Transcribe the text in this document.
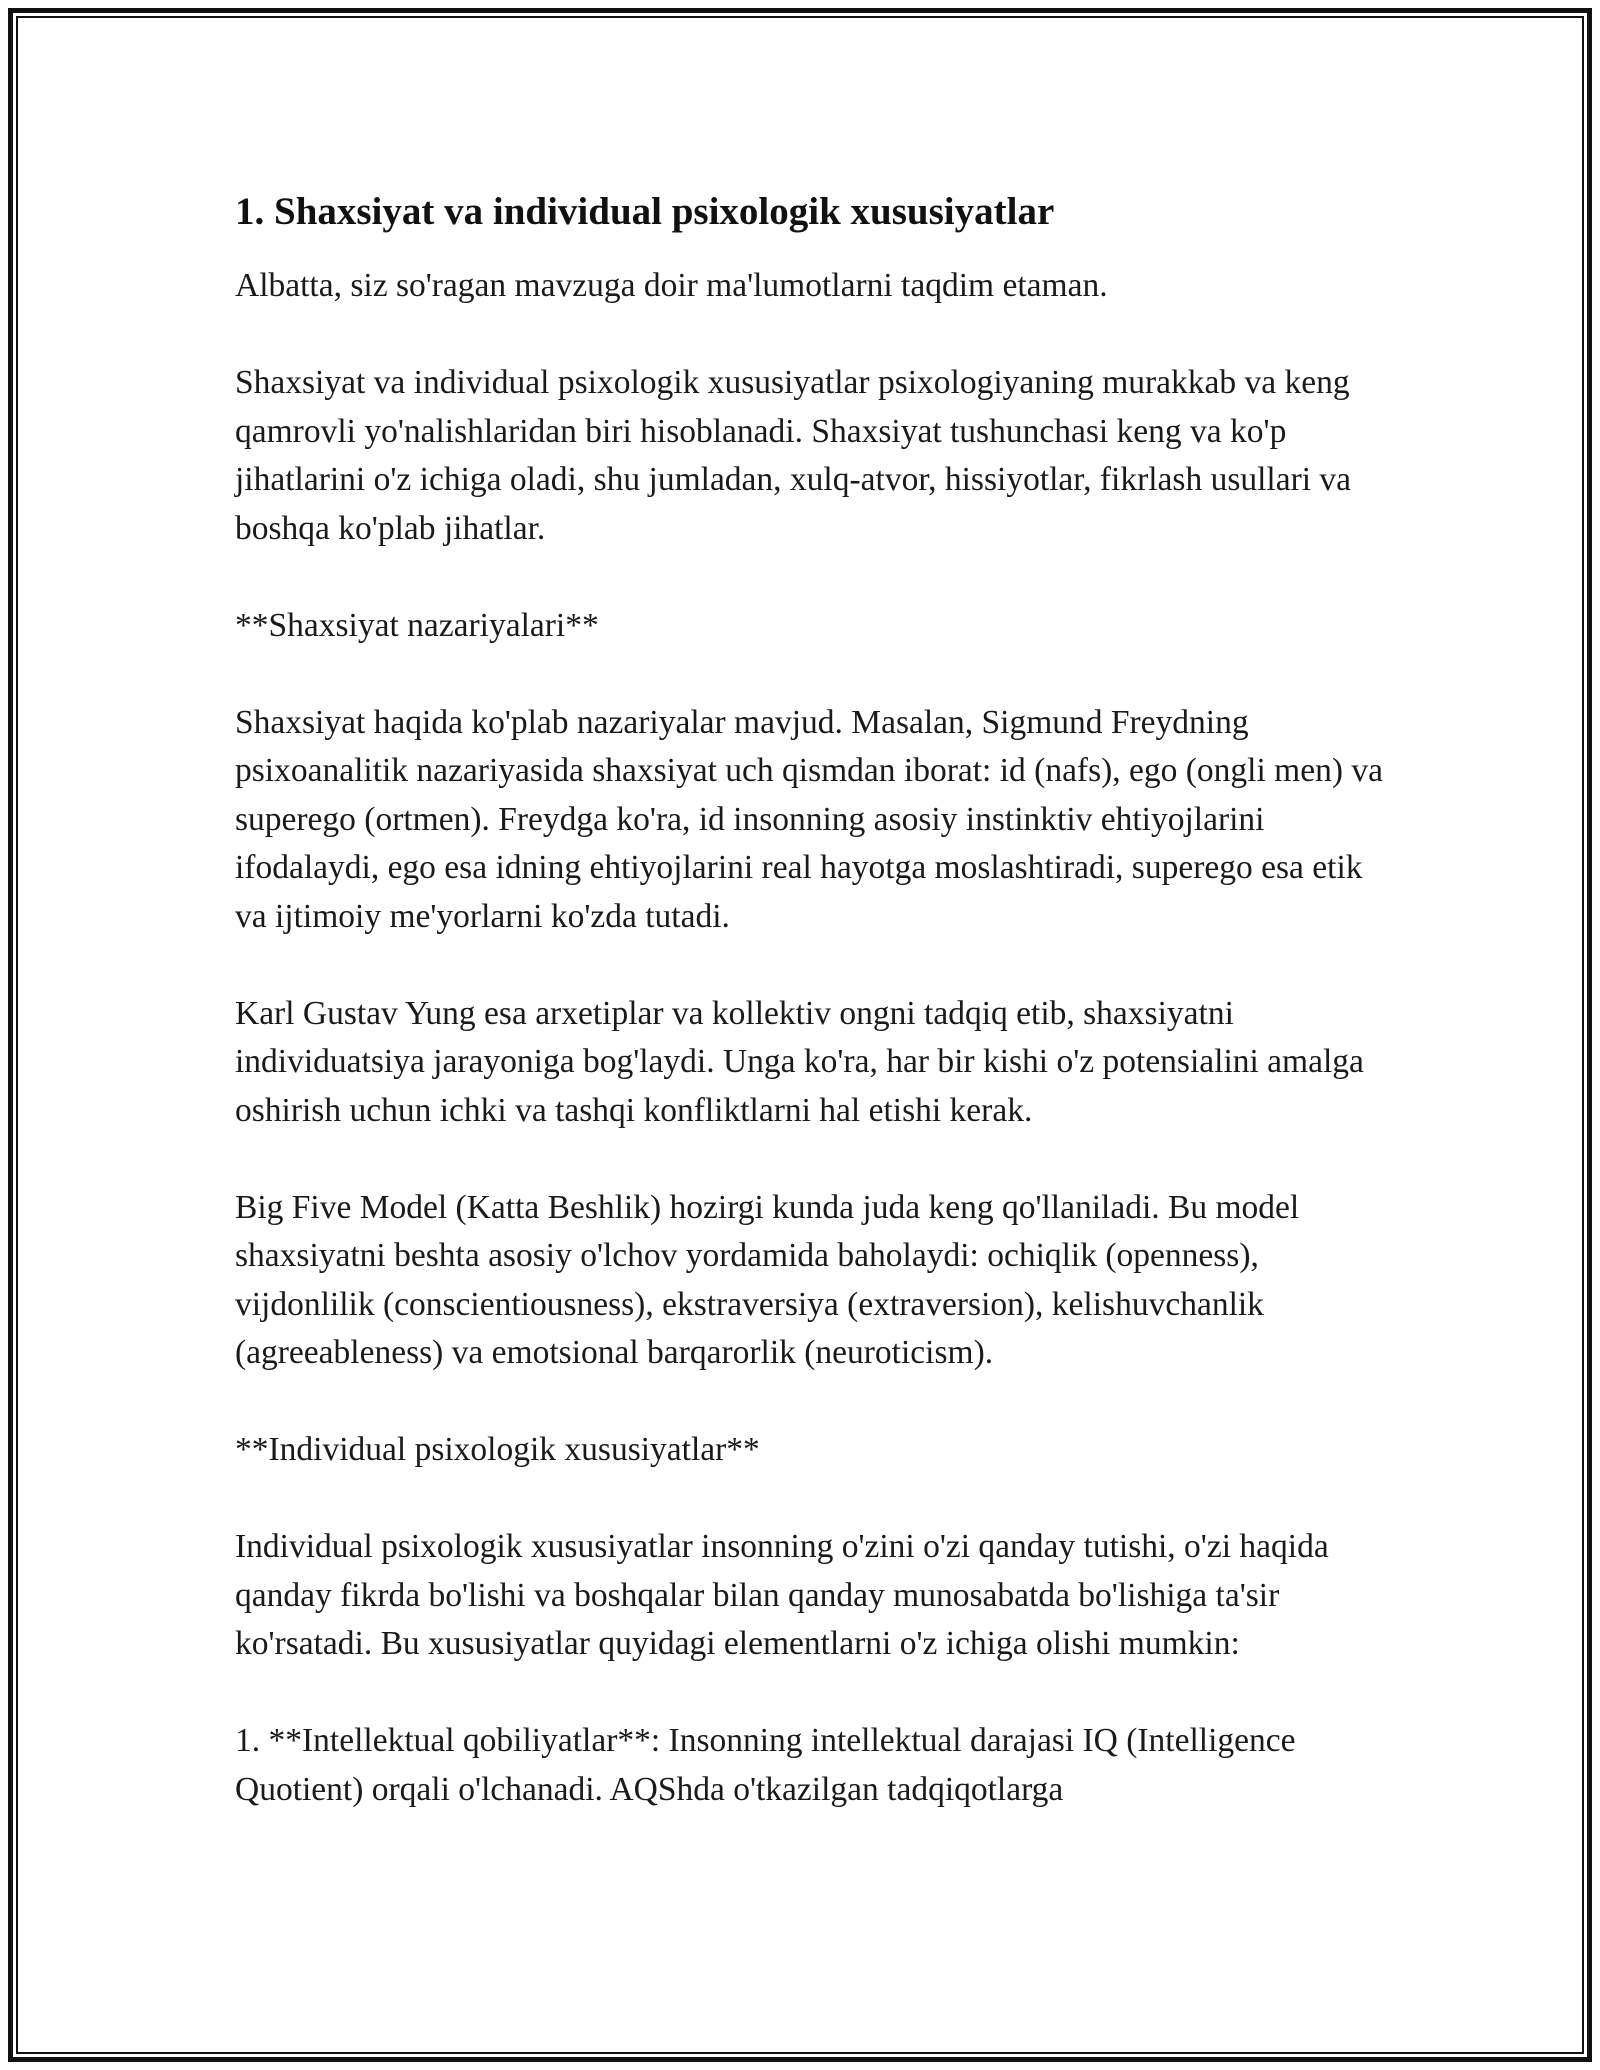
1. Shaxsiyat va individual psixologik xususiyatlar

Albatta, siz so'ragan mavzuga doir ma'lumotlarni taqdim etaman.

Shaxsiyat va individual psixologik xususiyatlar psixologiyaning murakkab va keng qamrovli yo'nalishlaridan biri hisoblanadi. Shaxsiyat tushunchasi keng va ko'p jihatlarini o'z ichiga oladi, shu jumladan, xulq-atvor, hissiyotlar, fikrlash usullari va boshqa ko'plab jihatlar.

**Shaxsiyat nazariyalari**

Shaxsiyat haqida ko'plab nazariyalar mavjud. Masalan, Sigmund Freydning psixoanalitik nazariyasida shaxsiyat uch qismdan iborat: id (nafs), ego (ongli men) va superego (ortmen). Freydga ko'ra, id insonning asosiy instinktiv ehtiyojlarini ifodalaydi, ego esa idning ehtiyojlarini real hayotga moslashtiradi, superego esa etik va ijtimoiy me'yorlarni ko'zda tutadi.

Karl Gustav Yung esa arxetiplar va kollektiv ongni tadqiq etib, shaxsiyatni individuatsiya jarayoniga bog'laydi. Unga ko'ra, har bir kishi o'z potensialini amalga oshirish uchun ichki va tashqi konfliktlarni hal etishi kerak.

Big Five Model (Katta Beshlik) hozirgi kunda juda keng qo'llaniladi. Bu model shaxsiyatni beshta asosiy o'lchov yordamida baholaydi: ochiqlik (openness), vijdonlilik (conscientiousness), ekstraversiya (extraversion), kelishuvchanlik (agreeableness) va emotsional barqarorlik (neuroticism).

**Individual psixologik xususiyatlar**

Individual psixologik xususiyatlar insonning o'zini o'zi qanday tutishi, o'zi haqida qanday fikrda bo'lishi va boshqalar bilan qanday munosabatda bo'lishiga ta'sir ko'rsatadi. Bu xususiyatlar quyidagi elementlarni o'z ichiga olishi mumkin:

1. **Intellektual qobiliyatlar**: Insonning intellektual darajasi IQ (Intelligence Quotient) orqali o'lchanadi. AQShda o'tkazilgan tadqiqotlarga
